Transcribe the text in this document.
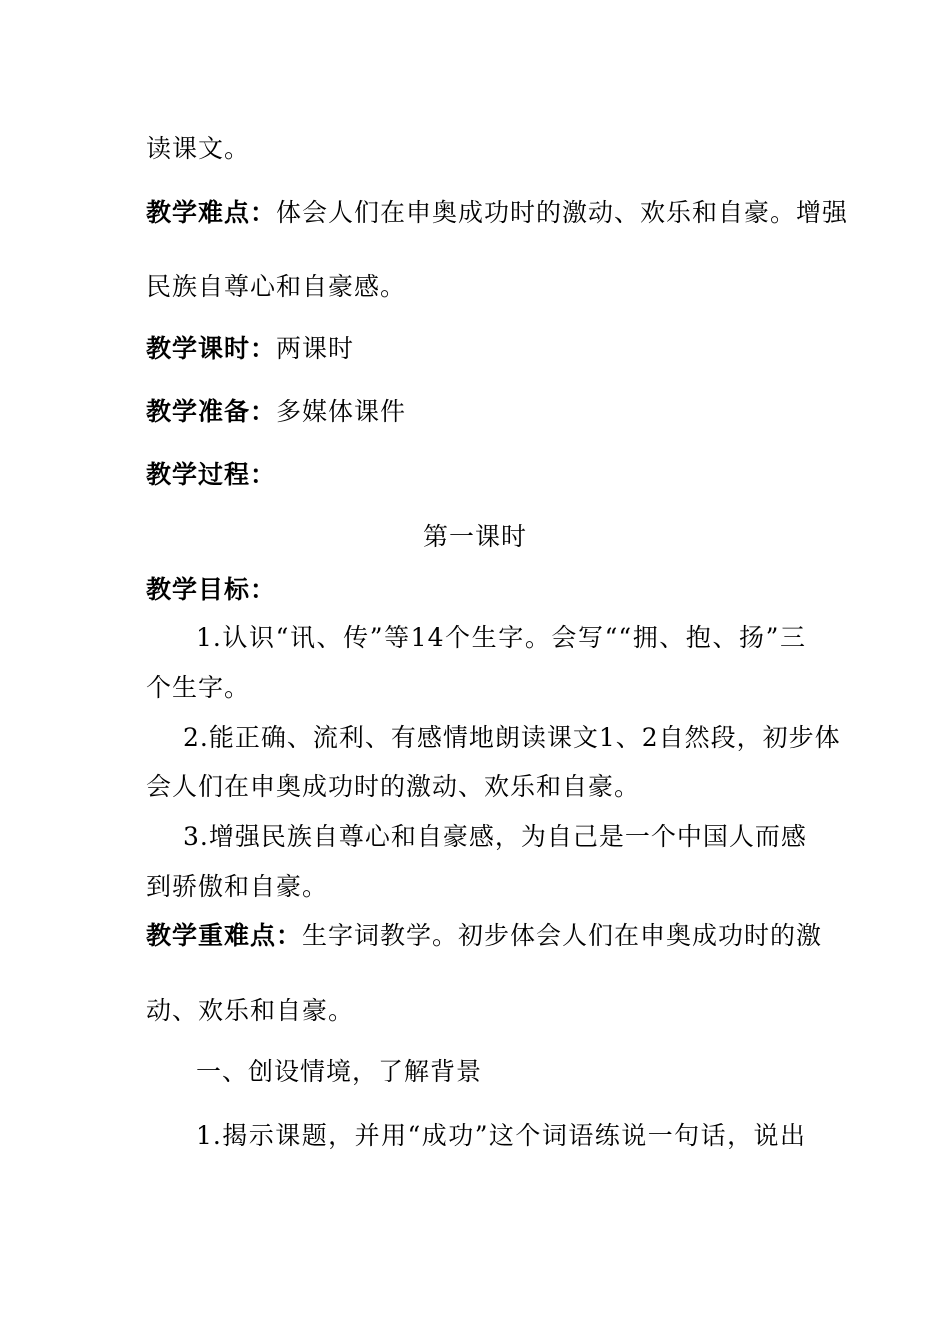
读课文。
教学难点：体会人们在申奥成功时的激动、欢乐和自豪。增强
民族自尊心和自豪感。
教学课时：两课时
教学准备：多媒体课件
教学过程：
第一课时
教学目标：
1.认识“讯、传”等14个生字。会写““拥、抱、扬”三
个生字。
2.能正确、流利、有感情地朗读课文1、2自然段，初步体
会人们在申奥成功时的激动、欢乐和自豪。
3.增强民族自尊心和自豪感，为自己是一个中国人而感
到骄傲和自豪。
教学重难点：生字词教学。初步体会人们在申奥成功时的激
动、欢乐和自豪。
一、创设情境，了解背景
1.揭示课题，并用“成功”这个词语练说一句话，说出
